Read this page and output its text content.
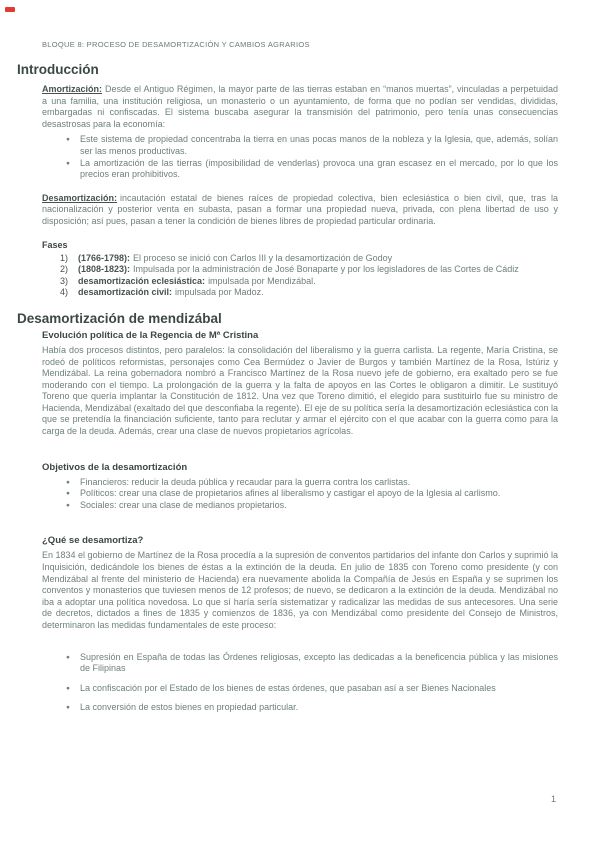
BLOQUE 8: PROCESO DE DESAMORTIZACIÓN Y CAMBIOS AGRARIOS
Introducción

Amortización: Desde el Antiguo Régimen, la mayor parte de las tierras estaban en “manos muertas”, vinculadas a perpetuidad a una familia, una institución religiosa, un monasterio o un ayuntamiento, de forma que no podían ser vendidas, divididas, embargadas ni confiscadas. El sistema buscaba asegurar la transmisión del patrimonio, pero tenía unas consecuencias desastrosas para la economía:

● Este sistema de propiedad concentraba la tierra en unas pocas manos de la nobleza y la Iglesia, que, además, solían ser las menos productivas.
● La amortización de las tierras (imposibilidad de venderlas) provoca una gran escasez en el mercado, por lo que los precios eran prohibitivos.

Desamortización: incautación estatal de bienes raíces de propiedad colectiva, bien eclesiástica o bien civil, que, tras la nacionalización y posterior venta en subasta, pasan a formar una propiedad nueva, privada, con plena libertad de uso y disposición; así pues, pasan a tener la condición de bienes libres de propiedad particular ordinaria.

Fases
1)	(1766-1798): El proceso se inició con Carlos III y la desamortización de Godoy
2)	(1808-1823): Impulsada por la administración de José Bonaparte y por los legisladores de las Cortes de Cádiz
3)	desamortización eclesiástica: impulsada por Mendizábal.
4)	desamortización civil: impulsada por Madoz.
Desamortización de mendizábal
Evolución política de la Regencia de Mª Cristina

Había dos procesos distintos, pero paralelos: la consolidación del liberalismo y la guerra carlista. La regente, María Cristina, se rodeó de políticos reformistas, personajes como Cea Bermúdez o Javier de Burgos y también Martínez de la Rosa, Istúriz y Mendizábal. La reina gobernadora nombró a Francisco Martínez de la Rosa nuevo jefe de gobierno, era exaltado pero se fue moderando con el tiempo. La prolongación de la guerra y la falta de apoyos en las Cortes le obligaron a dimitir. Le sustituyó Toreno que quería implantar la Constitución de 1812. Una vez que Toreno dimitió, el elegido para sustituirlo fue su ministro de Hacienda, Mendizábal (exaltado del que desconfiaba la regente). El eje de su política sería la desamortización eclesiástica con la que se pretendía la financiación suficiente, tanto para reclutar y armar el ejército con el que acabar con la guerra como para la carga de la deuda. Además, crear una clase de nuevos propietarios agrícolas.

Objetivos de la desamortización
● Financieros: reducir la deuda pública y recaudar para la guerra contra los carlistas.
● Políticos: crear una clase de propietarios afines al liberalismo y castigar el apoyo de la Iglesia al carlismo.
● Sociales: crear una clase de medianos propietarios.
¿Qué se desamortiza?

En 1834 el gobierno de Martínez de la Rosa procedía a la supresión de conventos partidarios del infante don Carlos y suprimió la Inquisición, dedicándole los bienes de éstas a la extinción de la deuda. En julio de 1835 con Toreno como presidente (y con Mendizábal al frente del ministerio de Hacienda) era nuevamente abolida la Compañía de Jesús en España y se suprimen los conventos y monasterios que tuviesen menos de 12 profesos; de nuevo, se dedicaron a la extinción de la deuda. Mendizábal no iba a adoptar una política novedosa. Lo que sí haría sería sistematizar y radicalizar las medidas de sus antecesores. Una serie de decretos, dictados a fines de 1835 y comienzos de 1836, ya con Mendizábal como presidente del Consejo de Ministros, determinaron las medidas fundamentales de este proceso:

● Supresión en España de todas las Órdenes religiosas, excepto las dedicadas a la beneficencia pública y las misiones de Filipinas
● La confiscación por el Estado de los bienes de estas órdenes, que pasaban así a ser Bienes Nacionales
● La conversión de estos bienes en propiedad particular.
1
